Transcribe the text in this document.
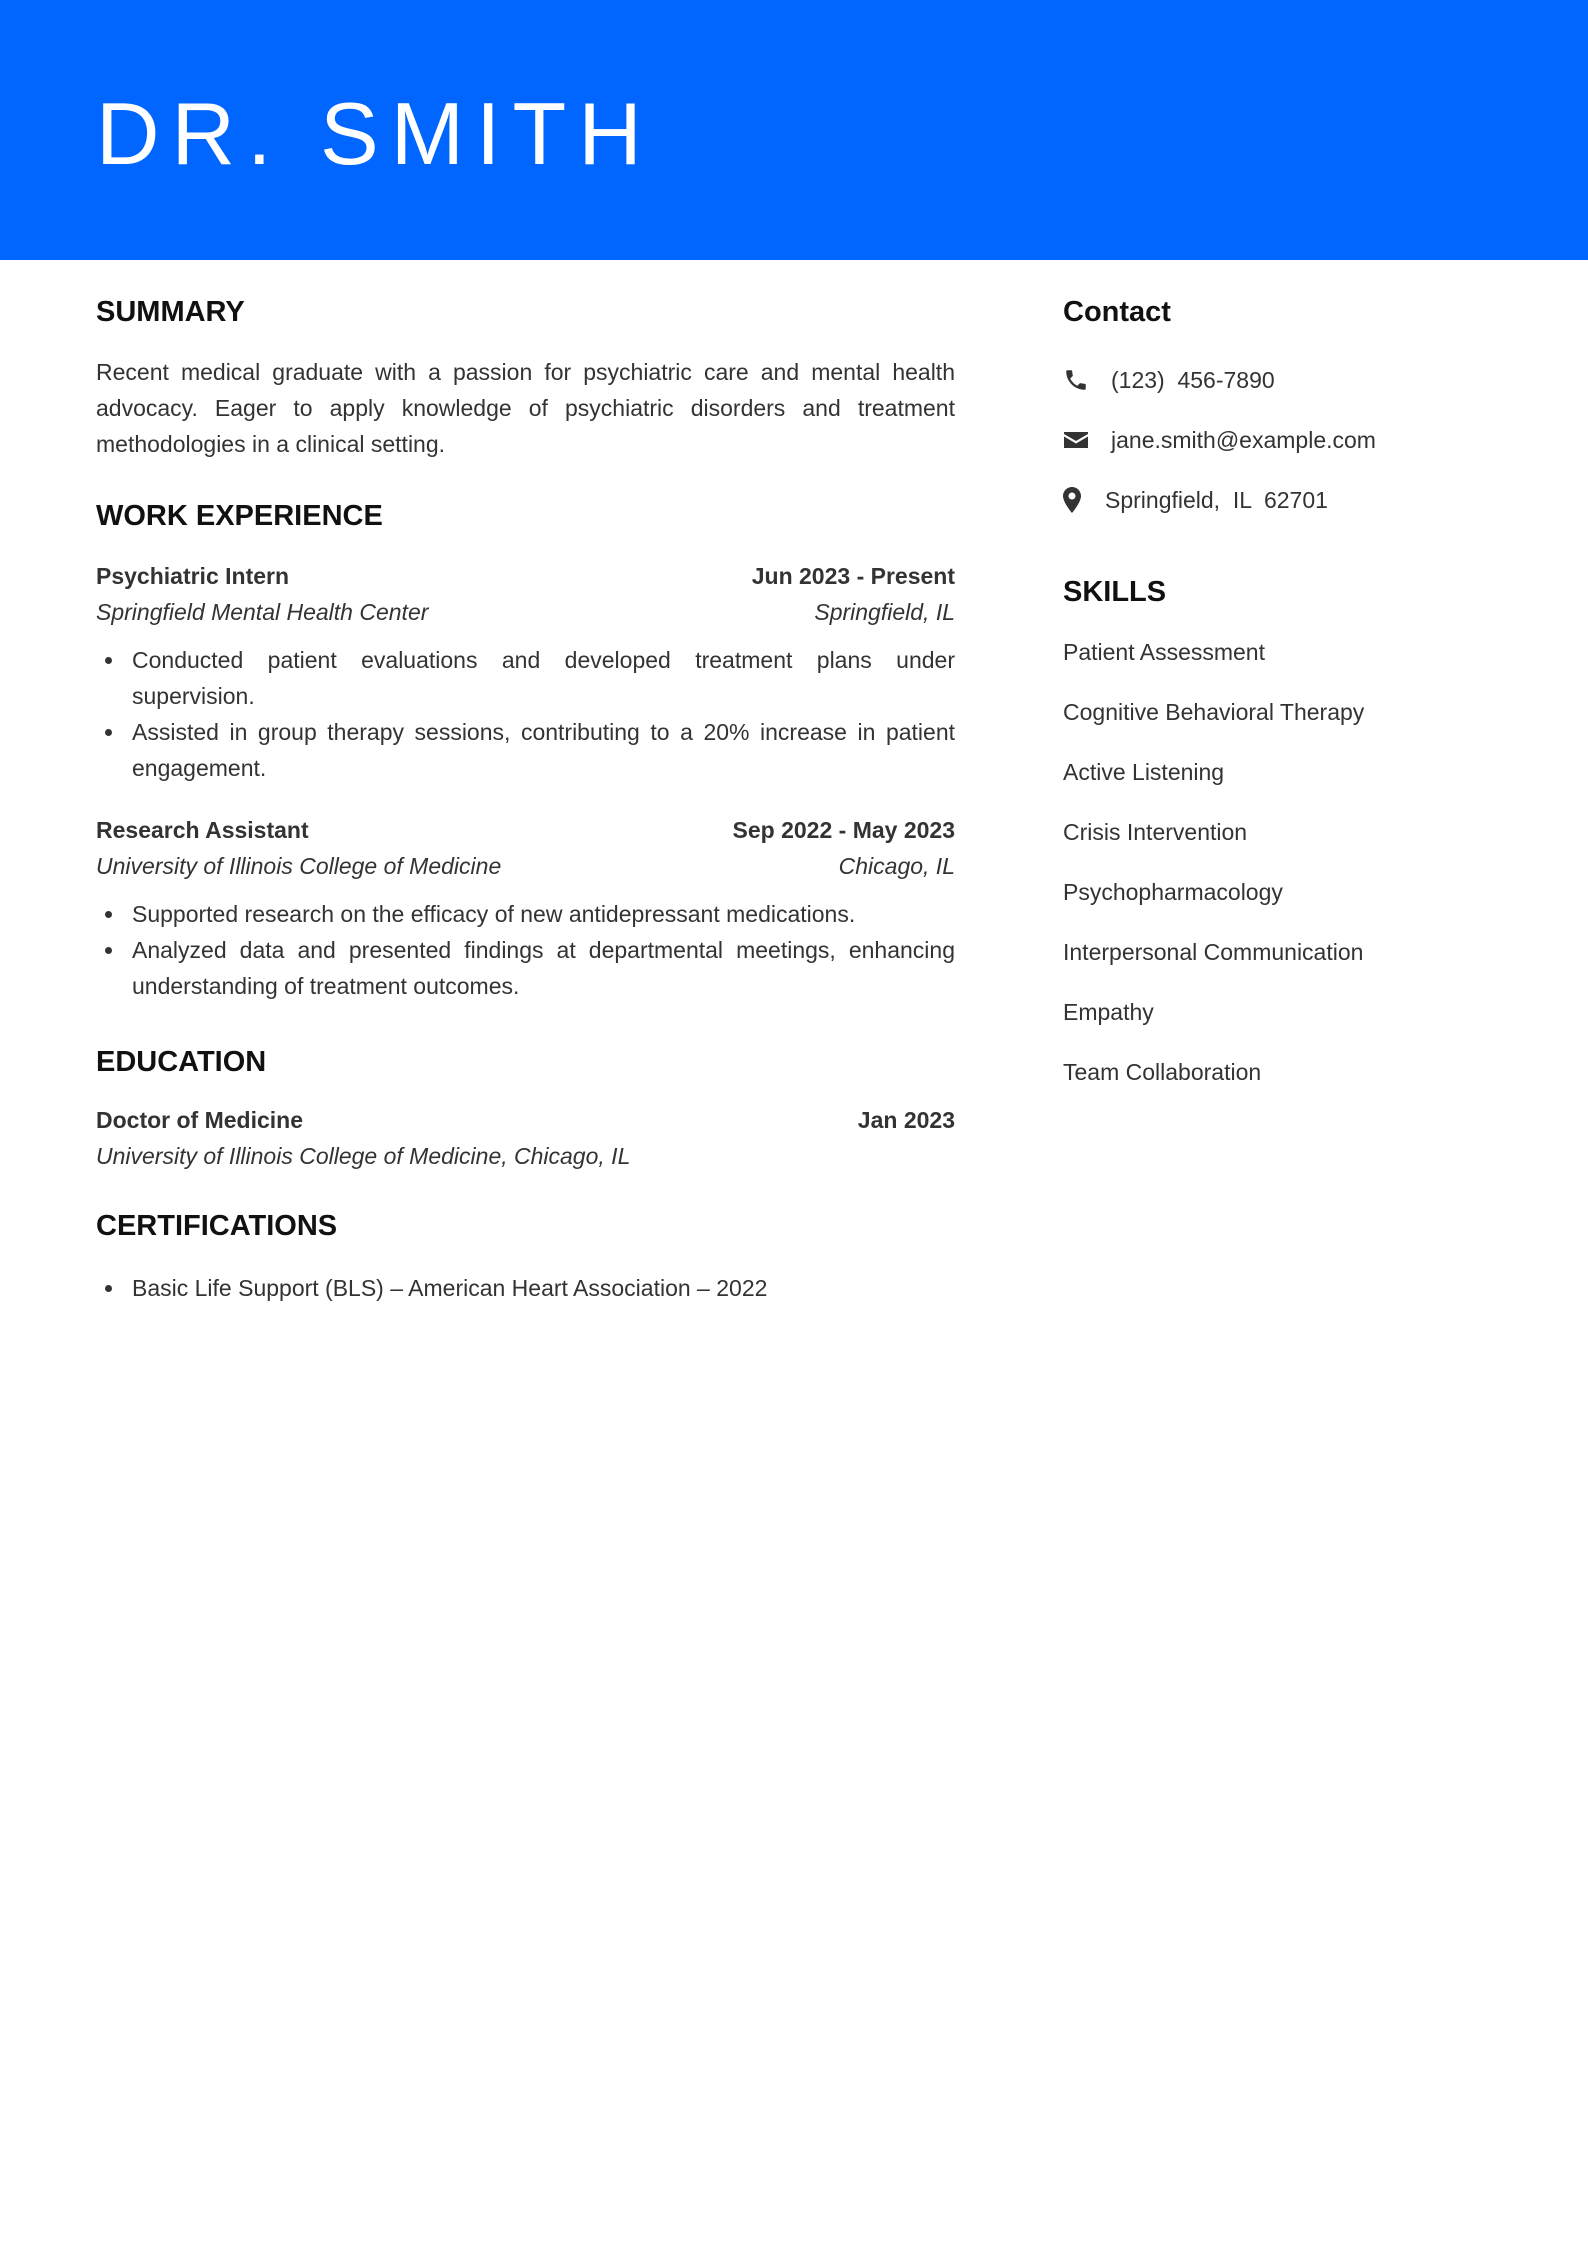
DR. SMITH
SUMMARY

Recent medical graduate with a passion for psychiatric care and mental health advocacy. Eager to apply knowledge of psychiatric disorders and treatment methodologies in a clinical setting.

WORK EXPERIENCE
Psychiatric Intern	Jun 2023 - Present
Springfield Mental Health Center	Springfield, IL
Conducted patient evaluations and developed treatment plans under supervision.
Assisted in group therapy sessions, contributing to a 20% increase in patient engagement.
Research Assistant	Sep 2022 - May 2023
University of Illinois College of Medicine	Chicago, IL
Supported research on the efficacy of new antidepressant medications.
Analyzed data and presented findings at departmental meetings, enhancing understanding of treatment outcomes.
EDUCATION
Doctor of Medicine	Jan 2023
University of Illinois College of Medicine, Chicago, IL
CERTIFICATIONS
Basic Life Support (BLS) – American Heart Association – 2022
Contact
(123)  456-7890
jane.smith@example.com
Springfield,  IL  62701
SKILLS
Patient Assessment
Cognitive Behavioral Therapy
Active Listening
Crisis Intervention
Psychopharmacology
Interpersonal Communication
Empathy
Team Collaboration
